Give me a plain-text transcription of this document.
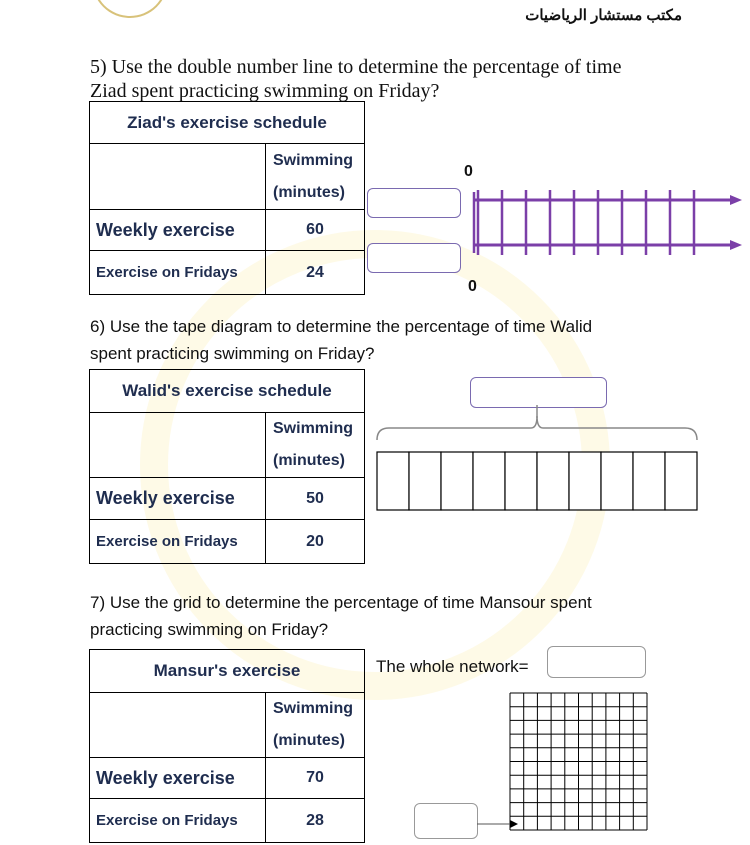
مكتب مستشار الرياضيات
5) Use the double number line to determine the percentage of time
Ziad spent practicing swimming on Friday?
Ziad's exercise schedule	

	Swimming
(minutes)

Weekly exercise	60
Exercise on Fridays	24
0
0
6) Use the tape diagram to determine the percentage of time Walid
spent practicing swimming on Friday?
Walid's exercise schedule	

	Swimming
(minutes)

Weekly exercise	50
Exercise on Fridays	20
7) Use the grid to determine the percentage of time Mansour spent
practicing swimming on Friday?
Mansur's exercise	

	Swimming
(minutes)

Weekly exercise	70
Exercise on Fridays	28
The whole network=
